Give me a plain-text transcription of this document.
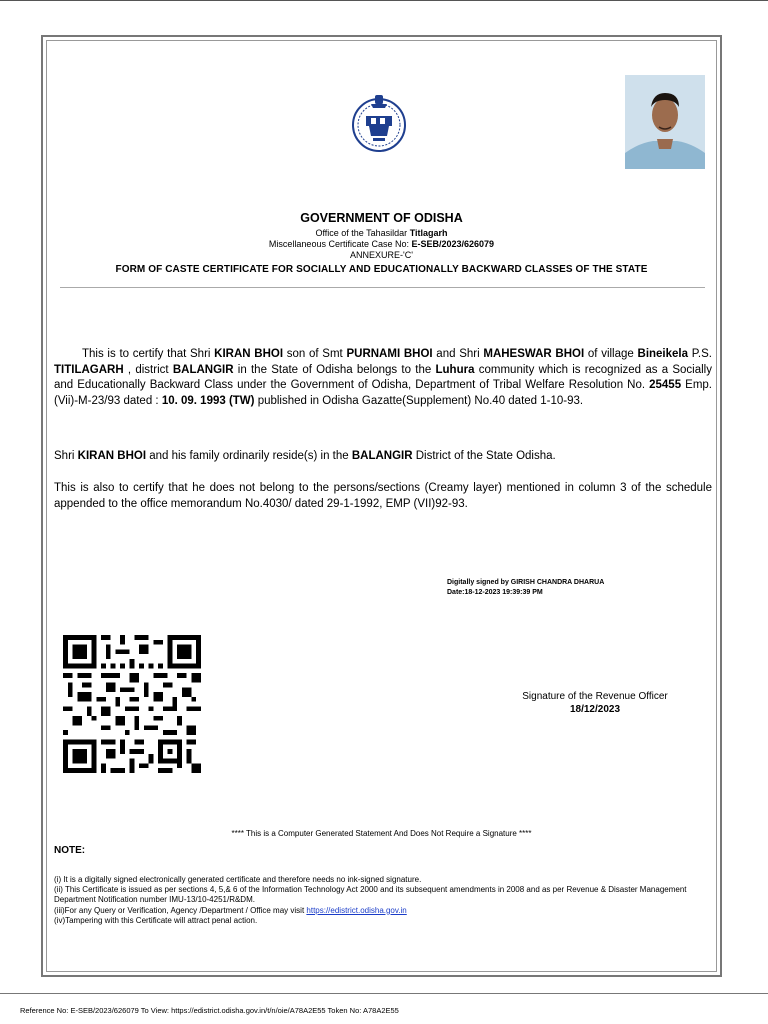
GOVERNMENT OF ODISHA
Office of the Tahasildar Titlagarh
Miscellaneous Certificate Case No: E-SEB/2023/626079
ANNEXURE-'C'
FORM OF CASTE CERTIFICATE FOR SOCIALLY AND EDUCATIONALLY BACKWARD CLASSES OF THE STATE
This is to certify that Shri KIRAN BHOI son of Smt PURNAMI BHOI and Shri MAHESWAR BHOI of village Bineikela P.S. TITILAGARH , district BALANGIR in the State of Odisha belongs to the Luhura community which is recognized as a Socially and Educationally Backward Class under the Government of Odisha, Department of Tribal Welfare Resolution No. 25455 Emp. (Vii)-M-23/93 dated : 10. 09. 1993 (TW) published in Odisha Gazatte(Supplement) No.40 dated 1-10-93.
Shri KIRAN BHOI and his family ordinarily reside(s) in the BALANGIR District of the State Odisha.
This is also to certify that he does not belong to the persons/sections (Creamy layer) mentioned in column 3 of the schedule appended to the office memorandum No.4030/ dated 29-1-1992, EMP (VII)92-93.
Digitally signed by GIRISH CHANDRA DHARUA
Date:18-12-2023 19:39:39 PM
Signature of the Revenue Officer
18/12/2023
**** This is a Computer Generated Statement And Does Not Require a Signature ****
NOTE:
(i) It is a digitally signed electronically generated certificate and therefore needs no ink-signed signature.
(ii) This Certificate is issued as per sections 4, 5,& 6 of the Information Technology Act 2000 and its subsequent amendments in 2008 and as per Revenue & Disaster Management Department Notification number IMU-13/10-4251/R&DM.
(iii)For any Query or Verification, Agency /Department / Office may visit https://edistrict.odisha.gov.in
(iv)Tampering with this Certificate will attract penal action.
Reference No: E-SEB/2023/626079 To View: https://edistrict.odisha.gov.in/t/n/oie/A78A2E55 Token No: A78A2E55
